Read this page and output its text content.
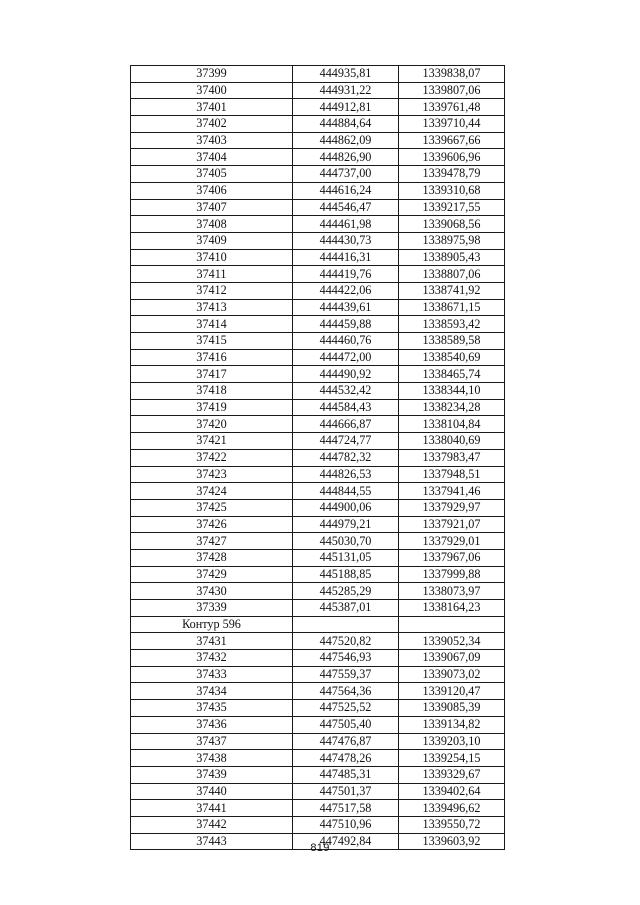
37399	444935,81	1339838,07
37400	444931,22	1339807,06
37401	444912,81	1339761,48
37402	444884,64	1339710,44
37403	444862,09	1339667,66
37404	444826,90	1339606,96
37405	444737,00	1339478,79
37406	444616,24	1339310,68
37407	444546,47	1339217,55
37408	444461,98	1339068,56
37409	444430,73	1338975,98
37410	444416,31	1338905,43
37411	444419,76	1338807,06
37412	444422,06	1338741,92
37413	444439,61	1338671,15
37414	444459,88	1338593,42
37415	444460,76	1338589,58
37416	444472,00	1338540,69
37417	444490,92	1338465,74
37418	444532,42	1338344,10
37419	444584,43	1338234,28
37420	444666,87	1338104,84
37421	444724,77	1338040,69
37422	444782,32	1337983,47
37423	444826,53	1337948,51
37424	444844,55	1337941,46
37425	444900,06	1337929,97
37426	444979,21	1337921,07
37427	445030,70	1337929,01
37428	445131,05	1337967,06
37429	445188,85	1337999,88
37430	445285,29	1338073,97
37339	445387,01	1338164,23
Контур 596		
37431	447520,82	1339052,34
37432	447546,93	1339067,09
37433	447559,37	1339073,02
37434	447564,36	1339120,47
37435	447525,52	1339085,39
37436	447505,40	1339134,82
37437	447476,87	1339203,10
37438	447478,26	1339254,15
37439	447485,31	1339329,67
37440	447501,37	1339402,64
37441	447517,58	1339496,62
37442	447510,96	1339550,72
37443	447492,84	1339603,92
819
